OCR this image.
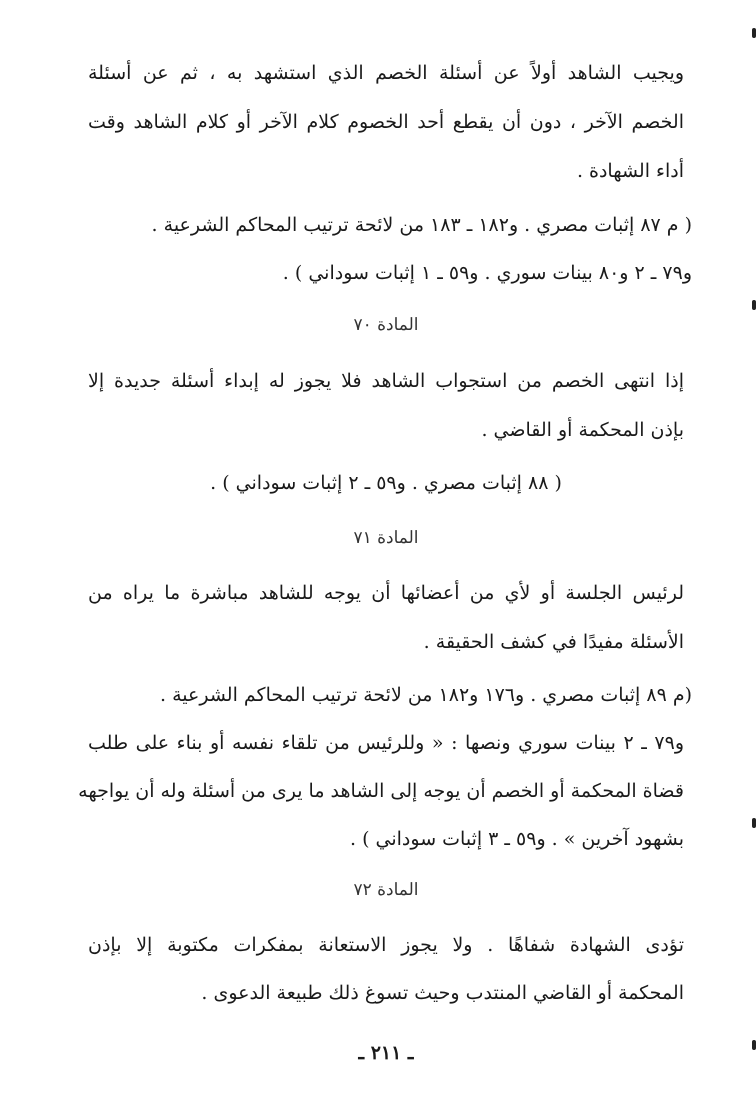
ويجيب الشاهد أولاً عن أسئلة الخصم الذي استشهد به ، ثم عن أسئلة
الخصم الآخر ، دون أن يقطع أحد الخصوم كلام الآخر أو كلام الشاهد وقت
أداء الشهادة .
( م ٨٧ إثبات مصري . و١٨٢ ـ ١٨٣ من لائحة ترتيب المحاكم الشرعية .
و٧٩ ـ ٢ و٨٠ بينات سوري . و٥٩ ـ ١ إثبات سوداني ) .
المادة ٧٠
إذا انتهى الخصم من استجواب الشاهد فلا يجوز له إبداء أسئلة جديدة إلا
بإذن المحكمة أو القاضي .
( ٨٨ إثبات مصري . و٥٩ ـ ٢ إثبات سوداني ) .
المادة ٧١
لرئيس الجلسة أو لأي من أعضائها أن يوجه للشاهد مباشرة ما يراه من
الأسئلة مفيدًا في كشف الحقيقة .
(م ٨٩ إثبات مصري . و١٧٦ و١٨٢ من لائحة ترتيب المحاكم الشرعية .
و٧٩ ـ ٢ بينات سوري ونصها : « وللرئيس من تلقاء نفسه أو بناء على طلب
قضاة المحكمة أو الخصم أن يوجه إلى الشاهد ما يرى من أسئلة وله أن يواجهه
بشهود آخرين » . و٥٩ ـ ٣ إثبات سوداني ) .
المادة ٧٢
تؤدى الشهادة شفاهًا . ولا يجوز الاستعانة بمفكرات مكتوبة إلا بإذن
المحكمة أو القاضي المنتدب وحيث تسوغ ذلك طبيعة الدعوى .
ـ ٢١١ ـ
